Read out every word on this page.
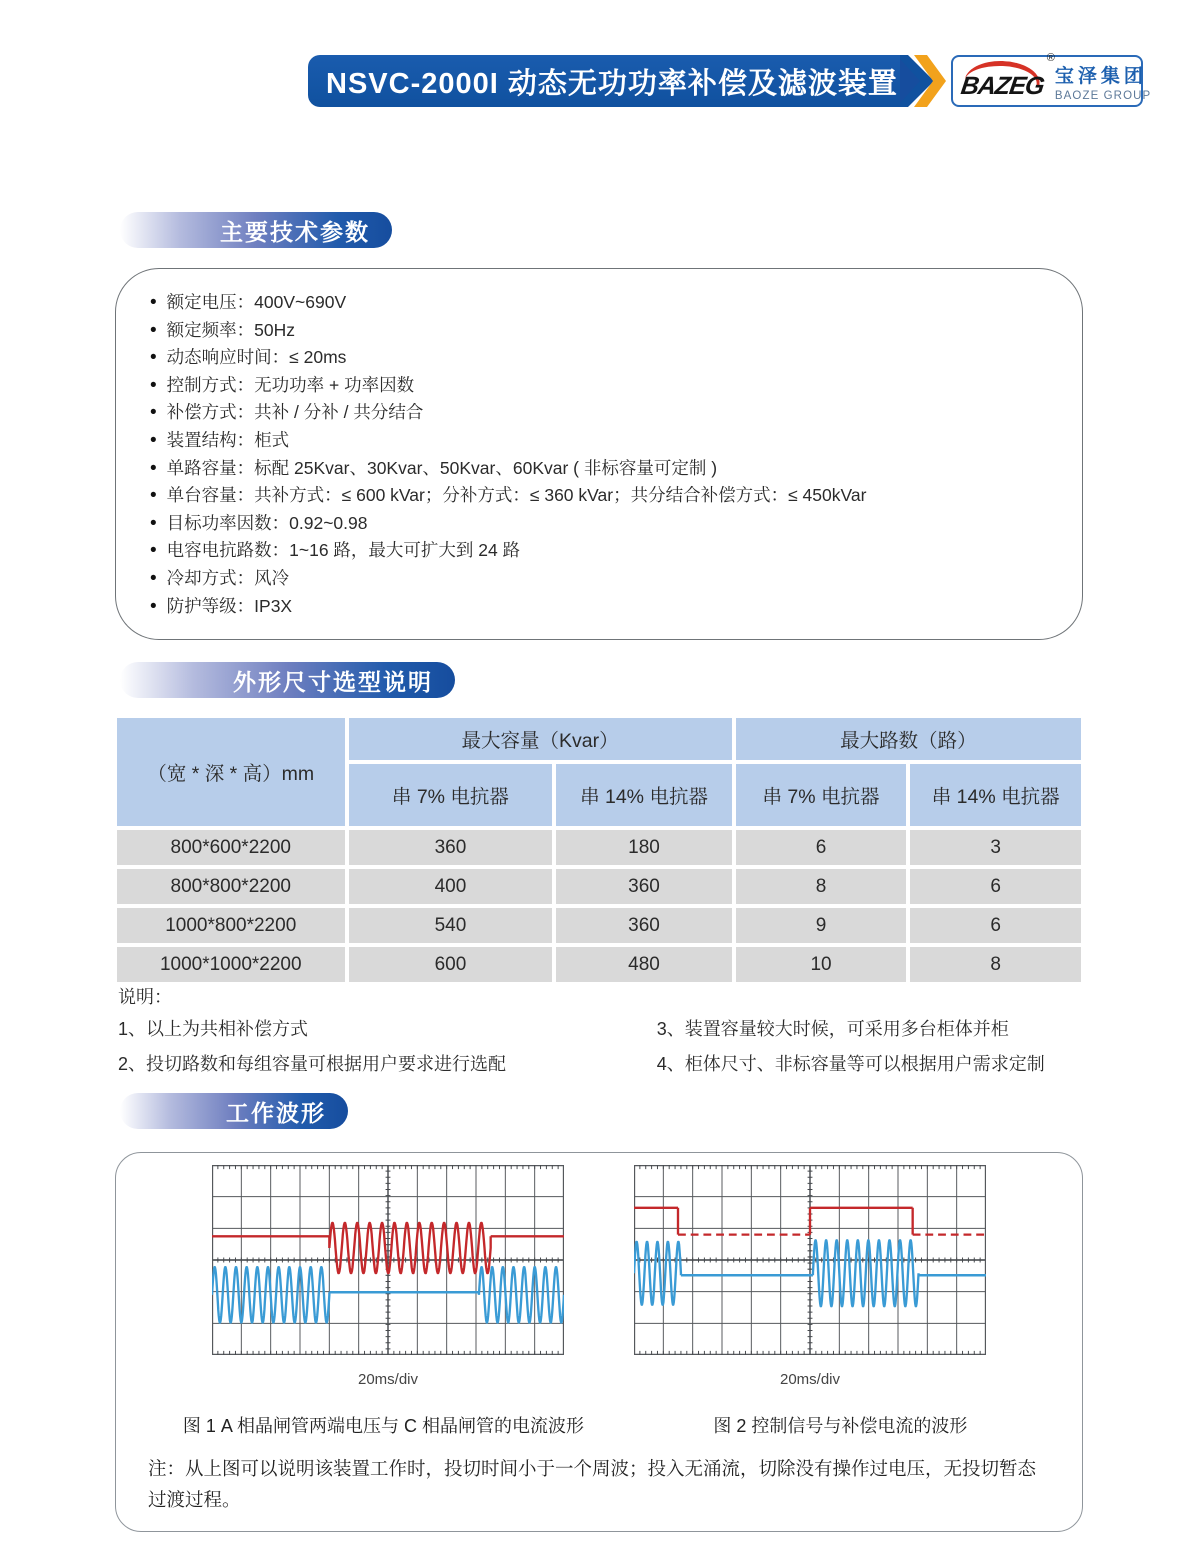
NSVC-2000I 动态无功功率补偿及滤波装置 BAZEG
®
宝泽集团
BAOZE GROUP
主要技术参数
• 额定电压：400V~690V
• 额定频率：50Hz
• 动态响应时间：≤ 20ms
• 控制方式：无功功率 + 功率因数
• 补偿方式：共补 / 分补 / 共分结合
• 装置结构：柜式
• 单路容量：标配 25Kvar、30Kvar、50Kvar、60Kvar ( 非标容量可定制 )
• 单台容量：共补方式：≤ 600 kVar；分补方式：≤ 360 kVar；共分结合补偿方式：≤ 450kVar
• 目标功率因数：0.92~0.98
• 电容电抗路数：1~16 路，最大可扩大到 24 路
• 冷却方式：风冷
• 防护等级：IP3X
外形尺寸选型说明
（宽 * 深 * 高）mm	最大容量（Kvar）		最大路数（路）	
	串 7% 电抗器	串 14% 电抗器	串 7% 电抗器	串 14% 电抗器
800*600*2200	360	180	6	3
800*800*2200	400	360	8	6
1000*800*2200	540	360	9	6
1000*1000*2200	600	480	10	8
说明：
1、以上为共相补偿方式
2、投切路数和每组容量可根据用户要求进行选配
3、装置容量较大时候，可采用多台柜体并柜
4、柜体尺寸、非标容量等可以根据用户需求定制
工作波形
20ms/div	20ms/div
图 1 A 相晶闸管两端电压与 C 相晶闸管的电流波形	图 2 控制信号与补偿电流的波形
注：从上图可以说明该装置工作时，投切时间小于一个周波；投入无涌流，切除没有操作过电压，无投切暂态过渡过程。
